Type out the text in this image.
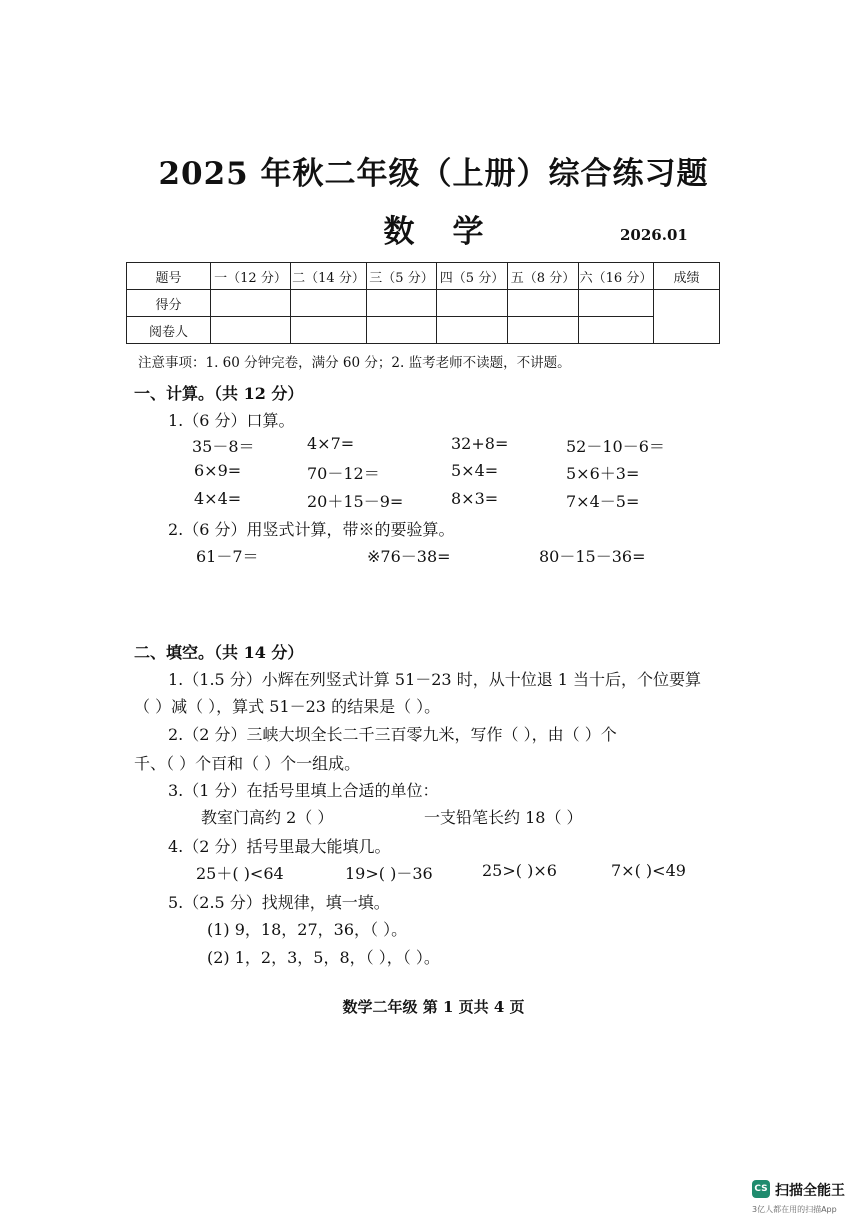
2025 年秋二年级（上册）综合练习题
数学	2026.01
题号	一（12 分）	二（14 分）	三（5 分）	四（5 分）	五（8 分）	六（16 分）	成绩
得分							
阅卷人							
注意事项：1. 60 分钟完卷，满分 60 分；2. 监考老师不读题，不讲题。
一、计算。（共 12 分）
1.（6 分）口算。
35－8＝	4×7=	32+8=	52－10－6＝
6×9=	70－12＝	5×4=	5×6＋3=
4×4=	20＋15－9=	8×3=	7×4－5=
2.（6 分）用竖式计算，带※的要验算。
61－7＝	※76－38=	80－15－36=
二、填空。（共 14 分）
1.（1.5 分）小辉在列竖式计算 51－23 时，从十位退 1 当十后，个位要算
（ ）减（ ），算式 51－23 的结果是（ ）。
2.（2 分）三峡大坝全长二千三百零九米，写作（ ），由（ ）个
千、（ ）个百和（ ）个一组成。
3.（1 分）在括号里填上合适的单位：
教室门高约 2（ ）	一支铅笔长约 18（ ）
4.（2 分）括号里最大能填几。
25＋( )<64	19>( )－36	25>( )×6	7×( )<49
5.（2.5 分）找规律，填一填。
(1) 9，18，27，36，（ ）。
(2) 1，2，3，5，8，（ ），（ ）。
数学二年级 第 1 页共 4 页
CS 扫描全能王
3亿人都在用的扫描App
